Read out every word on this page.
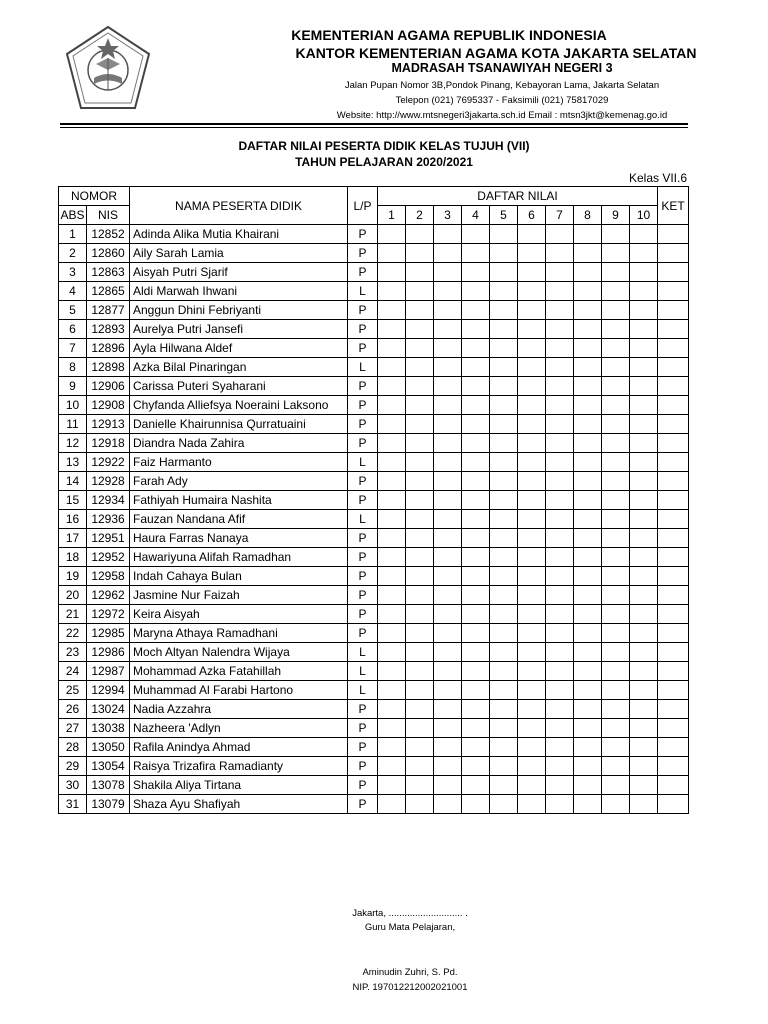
KEMENTERIAN AGAMA REPUBLIK INDONESIA
KANTOR KEMENTERIAN AGAMA KOTA JAKARTA SELATAN
MADRASAH TSANAWIYAH NEGERI 3
Jalan Pupan Nomor 3B,Pondok Pinang, Kebayoran Lama, Jakarta Selatan
Telepon (021) 7695337 - Faksimili (021) 75817029
Website: http://www.mtsnegeri3jakarta.sch.id Email : mtsn3jkt@kemenag.go.id
DAFTAR NILAI PESERTA DIDIK KELAS TUJUH (VII)
TAHUN PELAJARAN 2020/2021
Kelas VII.6
NOMOR		NAMA PESERTA DIDIK	L/P	DAFTAR NILAI										KET
ABS	NIS			1	2	3	4	5	6	7	8	9	10	
1	12852	Adinda Alika Mutia Khairani	P											
2	12860	Aily Sarah Lamia	P											
3	12863	Aisyah Putri Sjarif	P											
4	12865	Aldi Marwah Ihwani	L											
5	12877	Anggun Dhini Febriyanti	P											
6	12893	Aurelya Putri Jansefi	P											
7	12896	Ayla Hilwana Aldef	P											
8	12898	Azka Bilal Pinaringan	L											
9	12906	Carissa Puteri Syaharani	P											
10	12908	Chyfanda Alliefsya Noeraini Laksono	P											
11	12913	Danielle Khairunnisa Qurratuaini	P											
12	12918	Diandra Nada Zahira	P											
13	12922	Faiz Harmanto	L											
14	12928	Farah Ady	P											
15	12934	Fathiyah Humaira Nashita	P											
16	12936	Fauzan Nandana Afif	L											
17	12951	Haura Farras Nanaya	P											
18	12952	Hawariyuna Alifah Ramadhan	P											
19	12958	Indah Cahaya Bulan	P											
20	12962	Jasmine Nur Faizah	P											
21	12972	Keira Aisyah	P											
22	12985	Maryna Athaya Ramadhani	P											
23	12986	Moch Altyan Nalendra Wijaya	L											
24	12987	Mohammad Azka Fatahillah	L											
25	12994	Muhammad Al Farabi Hartono	L											
26	13024	Nadia Azzahra	P											
27	13038	Nazheera 'Adlyn	P											
28	13050	Rafila Anindya Ahmad	P											
29	13054	Raisya Trizafira Ramadianty	P											
30	13078	Shakila Aliya Tirtana	P											
31	13079	Shaza Ayu Shafiyah	P											
Jakarta, ............................ .
Guru Mata Pelajaran,
Aminudin Zuhri, S. Pd.
NIP. 197012212002021001
